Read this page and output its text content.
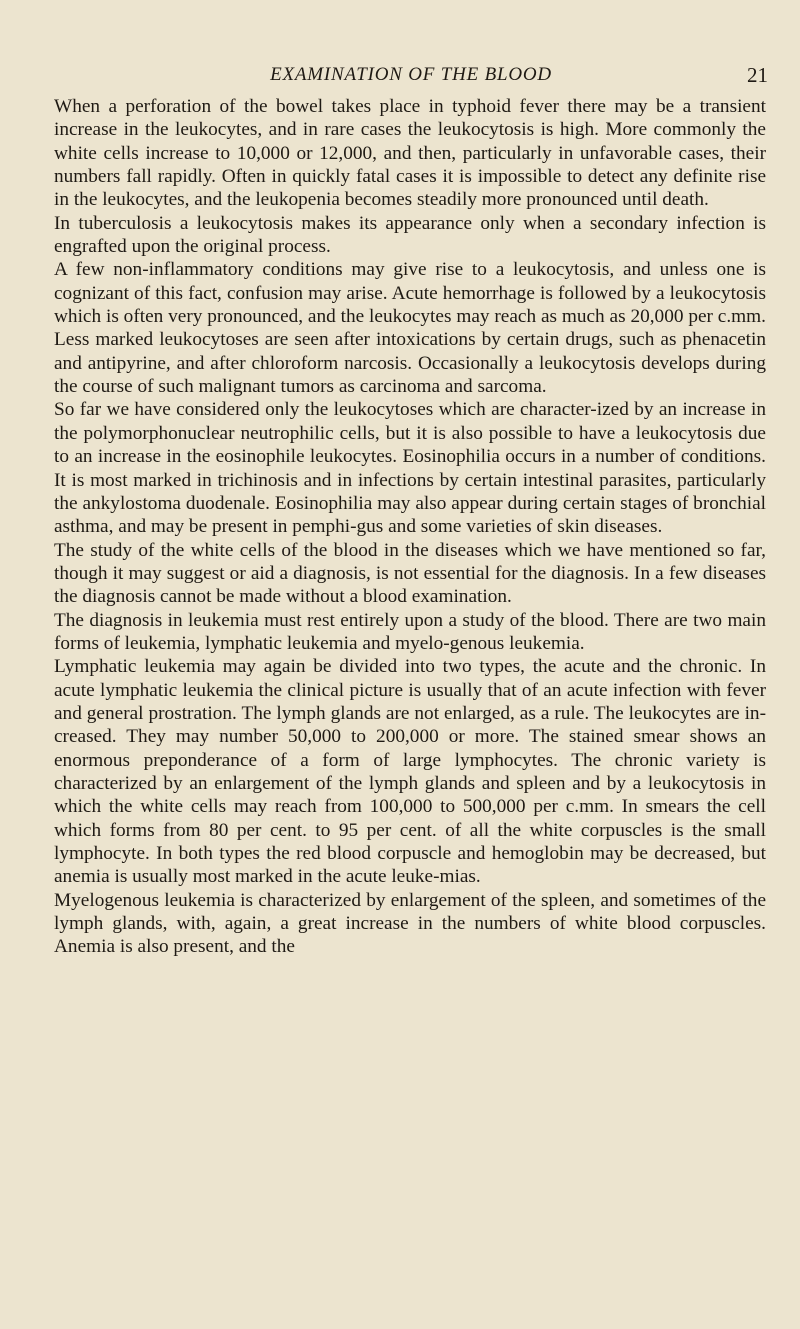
EXAMINATION OF THE BLOOD	21

When a perforation of the bowel takes place in typhoid fever there may be a transient increase in the leukocytes, and in rare cases the leukocytosis is high. More commonly the white cells increase to 10,000 or 12,000, and then, particularly in unfavorable cases, their numbers fall rapidly. Often in quickly fatal cases it is impossible to detect any definite rise in the leukocytes, and the leukopenia becomes steadily more pronounced until death.

In tuberculosis a leukocytosis makes its appearance only when a secondary infection is engrafted upon the original process.

A few non-inflammatory conditions may give rise to a leukocytosis, and unless one is cognizant of this fact, confusion may arise. Acute hemorrhage is followed by a leukocytosis which is often very pronounced, and the leukocytes may reach as much as 20,000 per c.mm. Less marked leukocytoses are seen after intoxications by certain drugs, such as phenacetin and antipyrine, and after chloroform narcosis. Occasionally a leukocytosis develops during the course of such malignant tumors as carcinoma and sarcoma.

So far we have considered only the leukocytoses which are character-ized by an increase in the polymorphonuclear neutrophilic cells, but it is also possible to have a leukocytosis due to an increase in the eosinophile leukocytes. Eosinophilia occurs in a number of conditions. It is most marked in trichinosis and in infections by certain intestinal parasites, particularly the ankylostoma duodenale. Eosinophilia may also appear during certain stages of bronchial asthma, and may be present in pemphi-gus and some varieties of skin diseases.

The study of the white cells of the blood in the diseases which we have mentioned so far, though it may suggest or aid a diagnosis, is not essential for the diagnosis. In a few diseases the diagnosis cannot be made without a blood examination.

The diagnosis in leukemia must rest entirely upon a study of the blood. There are two main forms of leukemia, lymphatic leukemia and myelo-genous leukemia.

Lymphatic leukemia may again be divided into two types, the acute and the chronic. In acute lymphatic leukemia the clinical picture is usually that of an acute infection with fever and general prostration. The lymph glands are not enlarged, as a rule. The leukocytes are in-creased. They may number 50,000 to 200,000 or more. The stained smear shows an enormous preponderance of a form of large lymphocytes. The chronic variety is characterized by an enlargement of the lymph glands and spleen and by a leukocytosis in which the white cells may reach from 100,000 to 500,000 per c.mm. In smears the cell which forms from 80 per cent. to 95 per cent. of all the white corpuscles is the small lymphocyte. In both types the red blood corpuscle and hemoglobin may be decreased, but anemia is usually most marked in the acute leuke-mias.

Myelogenous leukemia is characterized by enlargement of the spleen, and sometimes of the lymph glands, with, again, a great increase in the numbers of white blood corpuscles. Anemia is also present, and the
